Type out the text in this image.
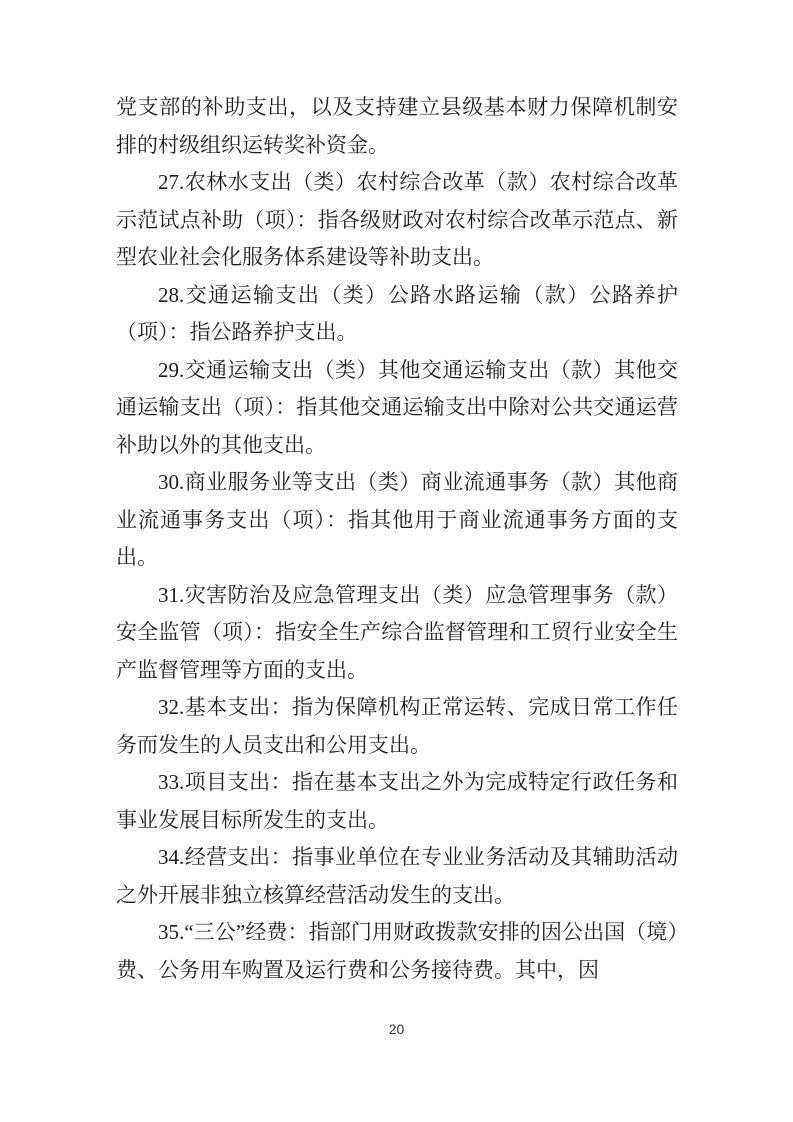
党支部的补助支出，以及支持建立县级基本财力保障机制安排的村级组织运转奖补资金。

27.农林水支出（类）农村综合改革（款）农村综合改革示范试点补助（项）：指各级财政对农村综合改革示范点、新型农业社会化服务体系建设等补助支出。

28.交通运输支出（类）公路水路运输（款）公路养护（项）：指公路养护支出。

29.交通运输支出（类）其他交通运输支出（款）其他交通运输支出（项）：指其他交通运输支出中除对公共交通运营补助以外的其他支出。

30.商业服务业等支出（类）商业流通事务（款）其他商业流通事务支出（项）：指其他用于商业流通事务方面的支出。

31.灾害防治及应急管理支出（类）应急管理事务（款）安全监管（项）：指安全生产综合监督管理和工贸行业安全生产监督管理等方面的支出。

32.基本支出：指为保障机构正常运转、完成日常工作任务而发生的人员支出和公用支出。

33.项目支出：指在基本支出之外为完成特定行政任务和事业发展目标所发生的支出。

34.经营支出：指事业单位在专业业务活动及其辅助活动之外开展非独立核算经营活动发生的支出。

35.“三公”经费：指部门用财政拨款安排的因公出国（境）费、公务用车购置及运行费和公务接待费。其中，因

20
